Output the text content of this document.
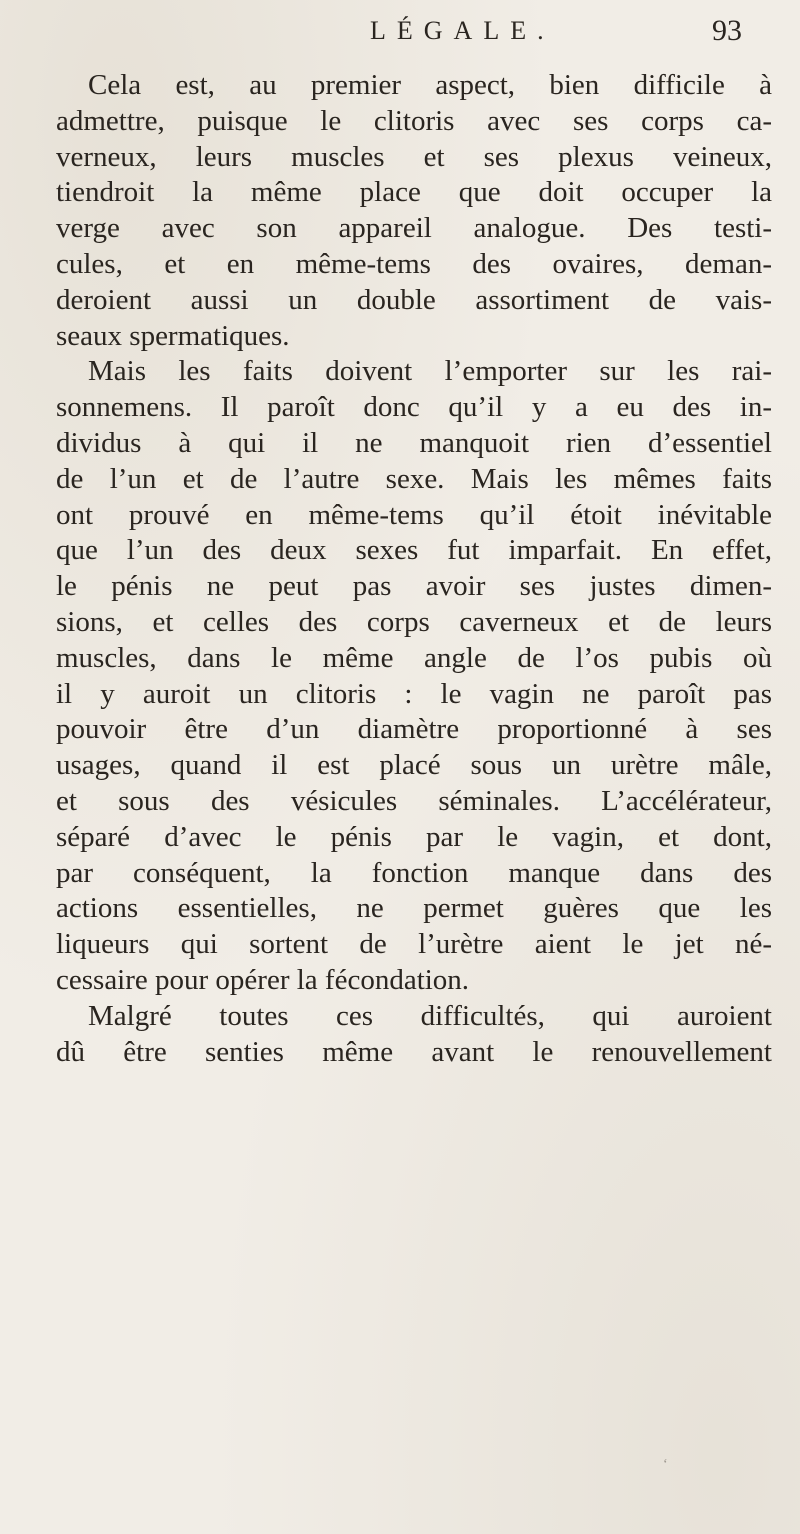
LÉGALE.	93
Cela est, au premier aspect, bien difficile à
admettre, puisque le clitoris avec ses corps ca-
verneux, leurs muscles et ses plexus veineux,
tiendroit la même place que doit occuper la
verge avec son appareil analogue. Des testi-
cules, et en même-tems des ovaires, deman-
deroient aussi un double assortiment de vais-
seaux spermatiques.
Mais les faits doivent l’emporter sur les rai-
sonnemens. Il paroît donc qu’il y a eu des in-
dividus à qui il ne manquoit rien d’essentiel
de l’un et de l’autre sexe. Mais les mêmes faits
ont prouvé en même-tems qu’il étoit inévitable
que l’un des deux sexes fut imparfait. En effet,
le pénis ne peut pas avoir ses justes dimen-
sions, et celles des corps caverneux et de leurs
muscles, dans le même angle de l’os pubis où
il y auroit un clitoris : le vagin ne paroît pas
pouvoir être d’un diamètre proportionné à ses
usages, quand il est placé sous un urètre mâle,
et sous des vésicules séminales. L’accélérateur,
séparé d’avec le pénis par le vagin, et dont,
par conséquent, la fonction manque dans des
actions essentielles, ne permet guères que les
liqueurs qui sortent de l’urètre aient le jet né-
cessaire pour opérer la fécondation.
Malgré toutes ces difficultés, qui auroient
dû être senties même avant le renouvellement
ʻ
